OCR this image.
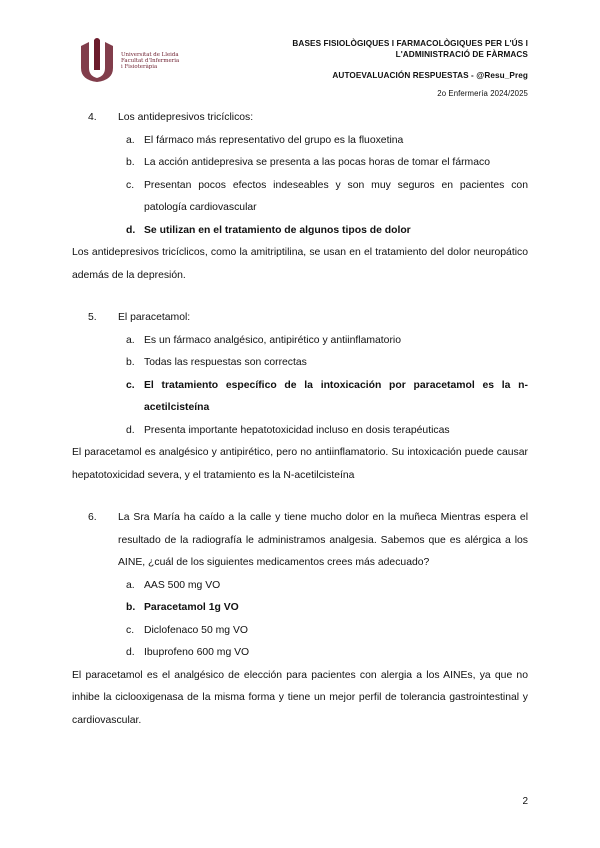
Universitat de Lleida
Facultat d'Infermeria
i Fisioteràpia
BASES FISIOLÒGIQUES I FARMACOLÒGIQUES PER L'ÚS I
L'ADMINISTRACIÓ DE FÀRMACS
AUTOEVALUACIÓN RESPUESTAS - @Resu_Preg
2o Enfermería 2024/2025
4. Los antidepresivos tricíclicos:
a. El fármaco más representativo del grupo es la fluoxetina
b. La acción antidepresiva se presenta a las pocas horas de tomar el fármaco
c. Presentan pocos efectos indeseables y son muy seguros en pacientes con patología cardiovascular
d. Se utilizan en el tratamiento de algunos tipos de dolor
Los antidepresivos tricíclicos, como la amitriptilina, se usan en el tratamiento del dolor neuropático además de la depresión.
5. El paracetamol:
a. Es un fármaco analgésico, antipirético y antiinflamatorio
b. Todas las respuestas son correctas
c. El tratamiento específico de la intoxicación por paracetamol es la n-acetilcisteína
d. Presenta importante hepatotoxicidad incluso en dosis terapéuticas
El paracetamol es analgésico y antipirético, pero no antiinflamatorio. Su intoxicación puede causar hepatotoxicidad severa, y el tratamiento es la N-acetilcisteína
6. La Sra María ha caído a la calle y tiene mucho dolor en la muñeca Mientras espera el resultado de la radiografía le administramos analgesia. Sabemos que es alérgica a los AINE, ¿cuál de los siguientes medicamentos crees más adecuado?
a. AAS 500 mg VO
b. Paracetamol 1g VO
c. Diclofenaco 50 mg VO
d. Ibuprofeno 600 mg VO
El paracetamol es el analgésico de elección para pacientes con alergia a los AINEs, ya que no inhibe la ciclooxigenasa de la misma forma y tiene un mejor perfil de tolerancia gastrointestinal y cardiovascular.
2
